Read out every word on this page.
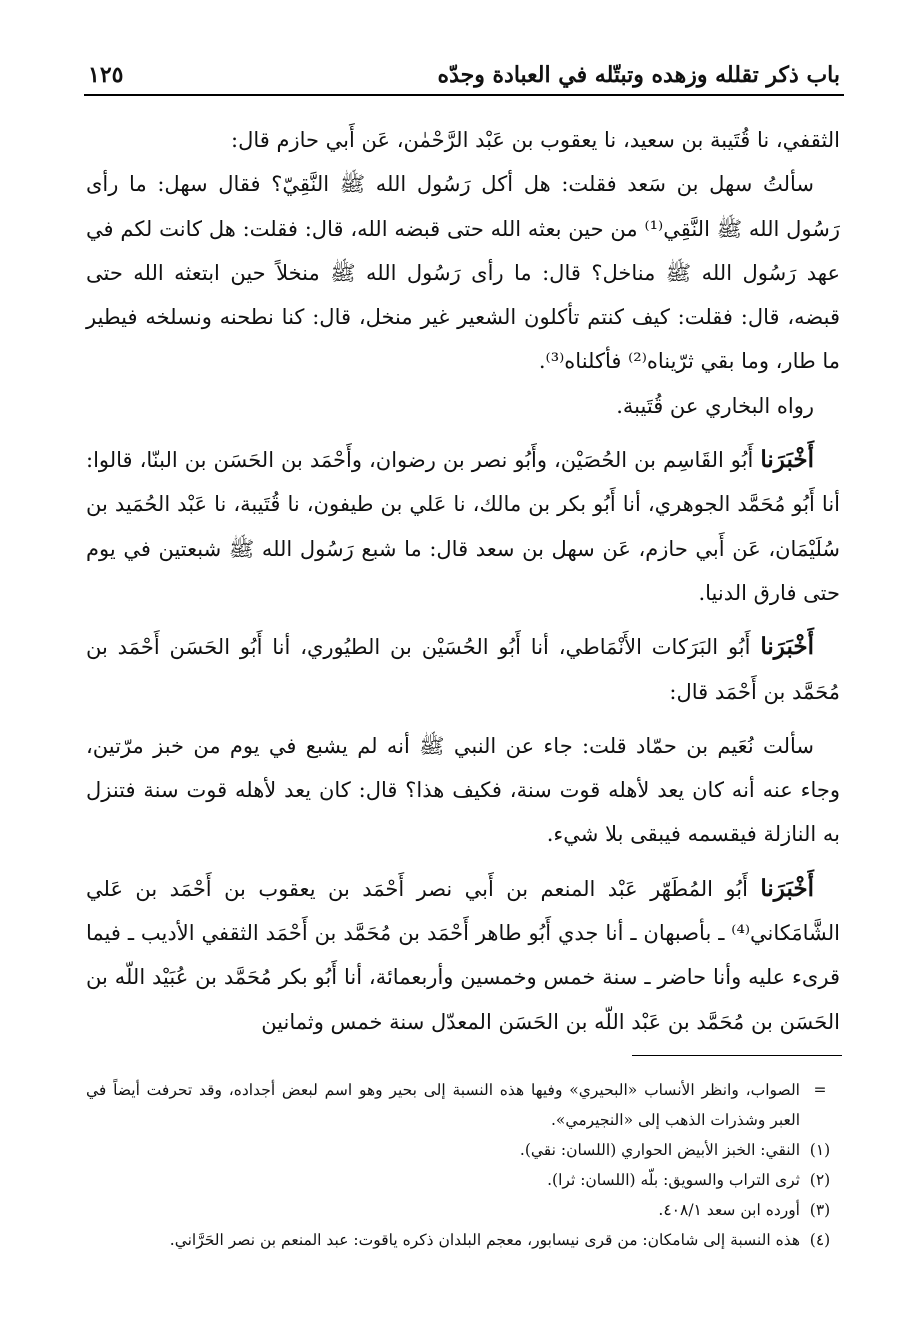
باب ذكر تقلله وزهده وتبتّله في العبادة وجدّه
١٢٥

الثقفي، نا قُتَيبة بن سعيد، نا يعقوب بن عَبْد الرَّحْمٰن، عَن أَبي حازم قال:

سألتُ سهل بن سَعد فقلت: هل أكل رَسُول الله ﷺ النَّقِيّ؟ فقال سهل: ما رأى رَسُول الله ﷺ النَّقِي⁽¹⁾ من حين بعثه الله حتى قبضه الله، قال: فقلت: هل كانت لكم في عهد رَسُول الله ﷺ مناخل؟ قال: ما رأى رَسُول الله ﷺ منخلاً حين ابتعثه الله حتى قبضه، قال: فقلت: كيف كنتم تأكلون الشعير غير منخل، قال: كنا نطحنه ونسلخه فيطير ما طار، وما بقي ثرّيناه⁽²⁾ فأكلناه⁽³⁾.

رواه البخاري عن قُتَيبة.

أَخْبَرَنا أَبُو القَاسِم بن الحُصَيْن، وأَبُو نصر بن رضوان، وأَحْمَد بن الحَسَن بن البنّا، قالوا: أنا أَبُو مُحَمَّد الجوهري، أنا أَبُو بكر بن مالك، نا عَلي بن طيفون، نا قُتَيبة، نا عَبْد الحُمَيد بن سُلَيْمَان، عَن أَبي حازم، عَن سهل بن سعد قال: ما شبع رَسُول الله ﷺ شبعتين في يوم حتى فارق الدنيا.

أَخْبَرَنا أَبُو البَرَكات الأَنْمَاطي، أنا أَبُو الحُسَيْن بن الطيُوري، أنا أَبُو الحَسَن أَحْمَد بن مُحَمَّد بن أَحْمَد قال:

سألت نُعَيم بن حمّاد قلت: جاء عن النبي ﷺ أنه لم يشبع في يوم من خبز مرّتين، وجاء عنه أنه كان يعد لأهله قوت سنة، فكيف هذا؟ قال: كان يعد لأهله قوت سنة فتنزل به النازلة فيقسمه فيبقى بلا شيء.

أَخْبَرَنا أَبُو المُطَهّر عَبْد المنعم بن أَبي نصر أَحْمَد بن يعقوب بن أَحْمَد بن عَلي الشَّامَكاني⁽⁴⁾ ـ بأصبهان ـ أنا جدي أَبُو طاهر أَحْمَد بن مُحَمَّد بن أَحْمَد الثقفي الأديب ـ فيما قرىء عليه وأنا حاضر ـ سنة خمس وخمسين وأربعمائة، أنا أَبُو بكر مُحَمَّد بن عُبَيْد اللّه بن الحَسَن بن مُحَمَّد بن عَبْد اللّه بن الحَسَن المعدّل سنة خمس وثمانين

=
الصواب، وانظر الأنساب «البحيري» وفيها هذه النسبة إلى بحير وهو اسم لبعض أجداده، وقد تحرفت أيضاً في العبر وشذرات الذهب إلى «النجيرمي».
(١)
النقي: الخبز الأبيض الحواري (اللسان: نقي).
(٢)
ثرى التراب والسويق: بلّه (اللسان: ثرا).
(٣)
أورده ابن سعد ٤٠٨/١.
(٤)
هذه النسبة إلى شامكان: من قرى نيسابور، معجم البلدان ذكره ياقوت: عبد المنعم بن نصر الحَرَّاني.
